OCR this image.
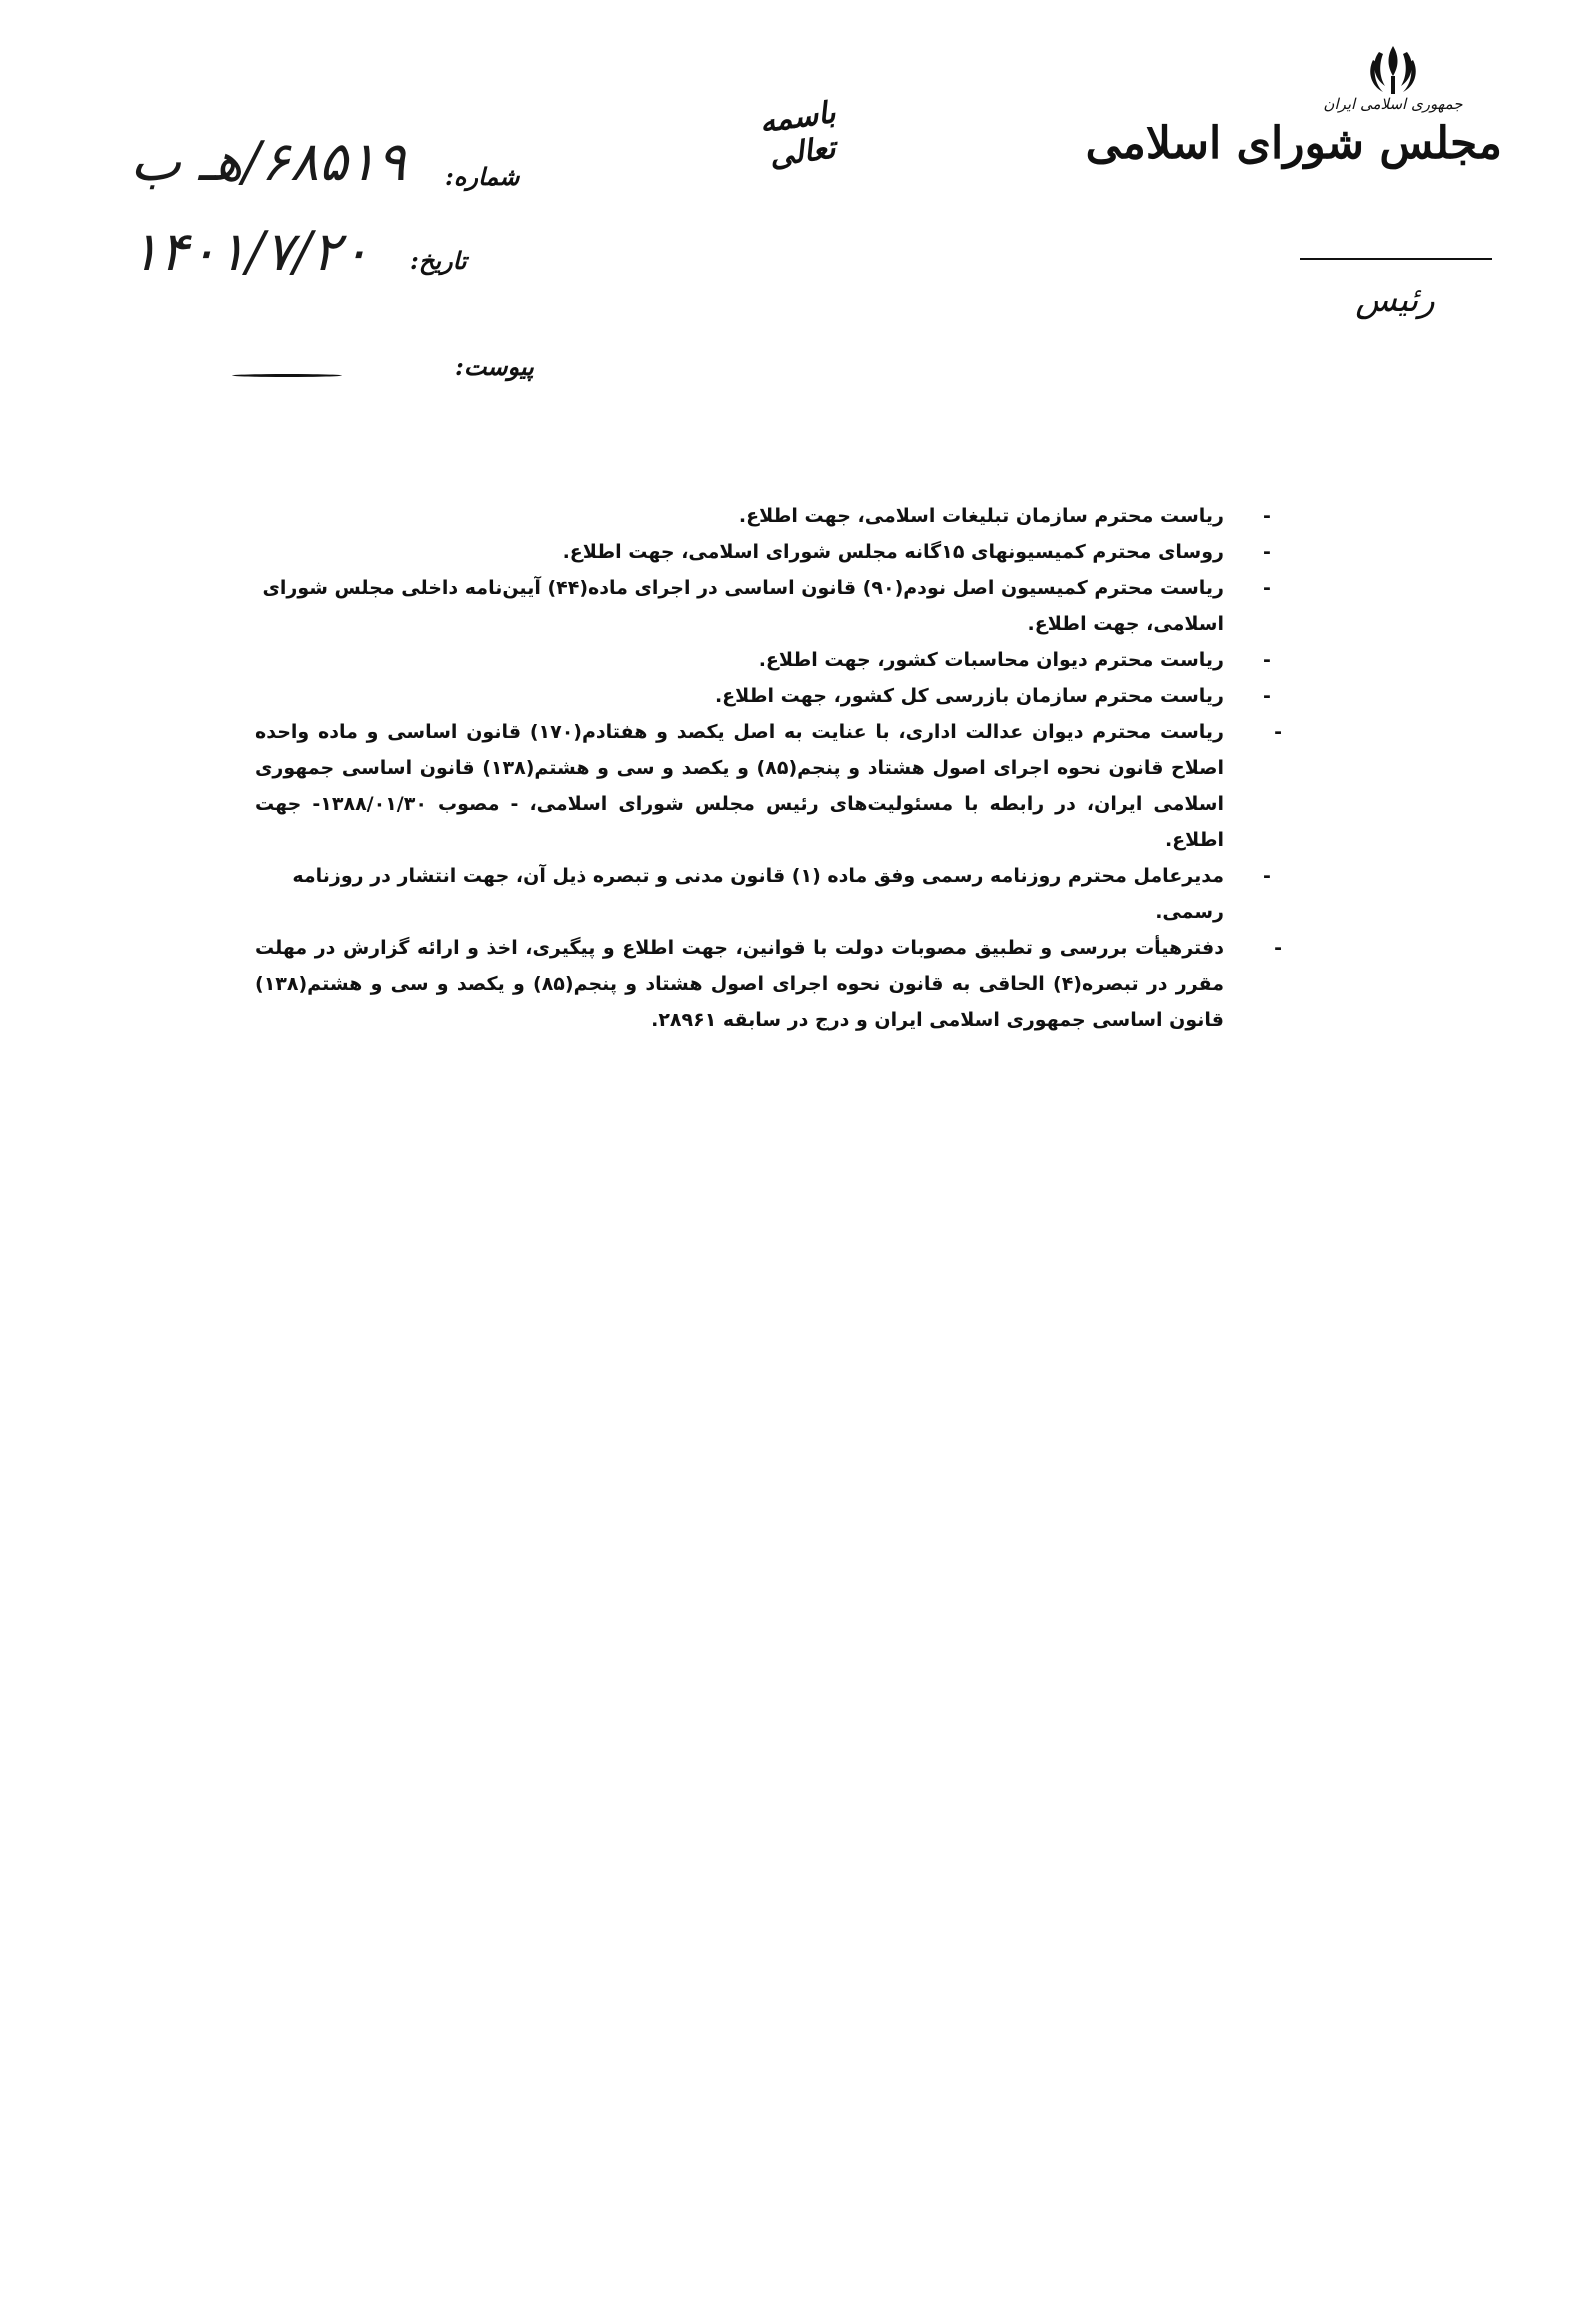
جمهوری اسلامی ایران
مجلس شورای اسلامی
رئیس
باسمه تعالی
شماره:
۶۸۵۱۹/هـ ب
تاریخ:
۱۴۰۱/۷/۲۰
پیوست:
-
ریاست محترم سازمان تبلیغات اسلامی، جهت اطلاع.
-
روسای محترم کمیسیونهای ۱۵گانه مجلس شورای اسلامی، جهت اطلاع.
-
ریاست محترم کمیسیون اصل نودم(۹۰) قانون اساسی در اجرای ماده(۴۴) آیین‌نامه داخلی مجلس شورای اسلامی، جهت اطلاع.
-
ریاست محترم دیوان محاسبات کشور، جهت اطلاع.
-
ریاست محترم سازمان بازرسی کل کشور، جهت اطلاع.
-
ریاست محترم دیوان عدالت اداری، با عنایت به اصل یکصد و هفتادم(۱۷۰) قانون اساسی و ماده واحده اصلاح قانون نحوه اجرای اصول هشتاد و پنجم(۸۵) و یکصد و سی و هشتم(۱۳۸) قانون اساسی جمهوری اسلامی ایران، در رابطه با مسئولیت‌های رئیس مجلس شورای اسلامی، - مصوب ۱۳۸۸/۰۱/۳۰- جهت اطلاع.
-
مدیرعامل محترم روزنامه رسمی وفق ماده (۱) قانون مدنی و تبصره ذیل آن، جهت انتشار در روزنامه رسمی.
-
دفترهیأت بررسی و تطبیق مصوبات دولت با قوانین، جهت اطلاع و پیگیری، اخذ و ارائه گزارش در مهلت مقرر در تبصره(۴) الحاقی به قانون نحوه اجرای اصول هشتاد و پنجم(۸۵) و یکصد و سی و هشتم(۱۳۸) قانون اساسی جمهوری اسلامی ایران و درج در سابقه ۲۸۹۶۱.
